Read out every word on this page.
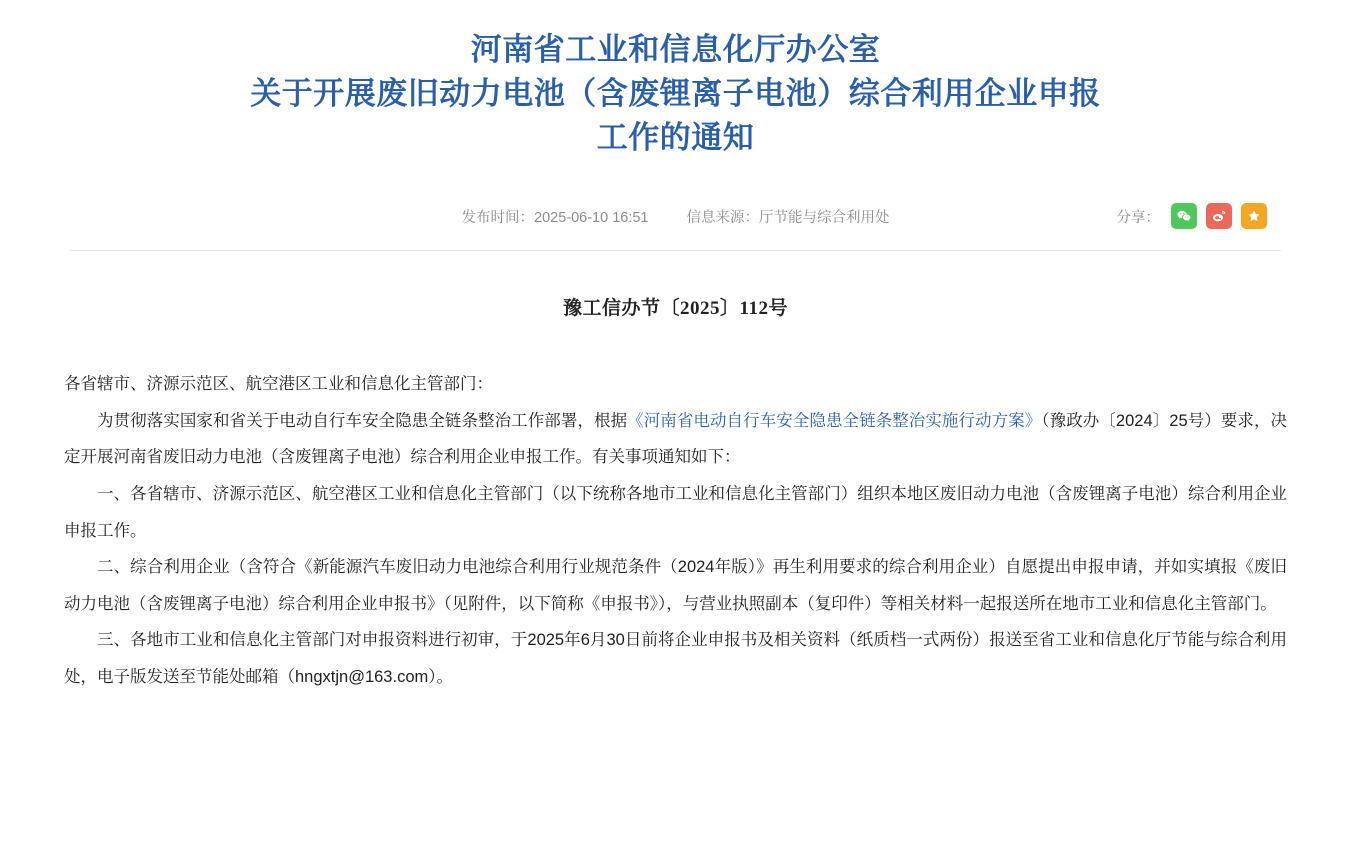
河南省工业和信息化厅办公室
关于开展废旧动力电池（含废锂离子电池）综合利用企业申报
工作的通知
发布时间：2025-06-10 16:51	信息来源：厅节能与综合利用处	分享：
豫工信办节〔2025〕112号

各省辖市、济源示范区、航空港区工业和信息化主管部门：

为贯彻落实国家和省关于电动自行车安全隐患全链条整治工作部署，根据《河南省电动自行车安全隐患全链条整治实施行动方案》（豫政办〔2024〕25号）要求，决定开展河南省废旧动力电池（含废锂离子电池）综合利用企业申报工作。有关事项通知如下：

一、各省辖市、济源示范区、航空港区工业和信息化主管部门（以下统称各地市工业和信息化主管部门）组织本地区废旧动力电池（含废锂离子电池）综合利用企业申报工作。

二、综合利用企业（含符合《新能源汽车废旧动力电池综合利用行业规范条件（2024年版）》再生利用要求的综合利用企业）自愿提出申报申请，并如实填报《废旧动力电池（含废锂离子电池）综合利用企业申报书》（见附件，以下简称《申报书》），与营业执照副本（复印件）等相关材料一起报送所在地市工业和信息化主管部门。

三、各地市工业和信息化主管部门对申报资料进行初审，于2025年6月30日前将企业申报书及相关资料（纸质档一式两份）报送至省工业和信息化厅节能与综合利用处，电子版发送至节能处邮箱（hngxtjn@163.com）。
